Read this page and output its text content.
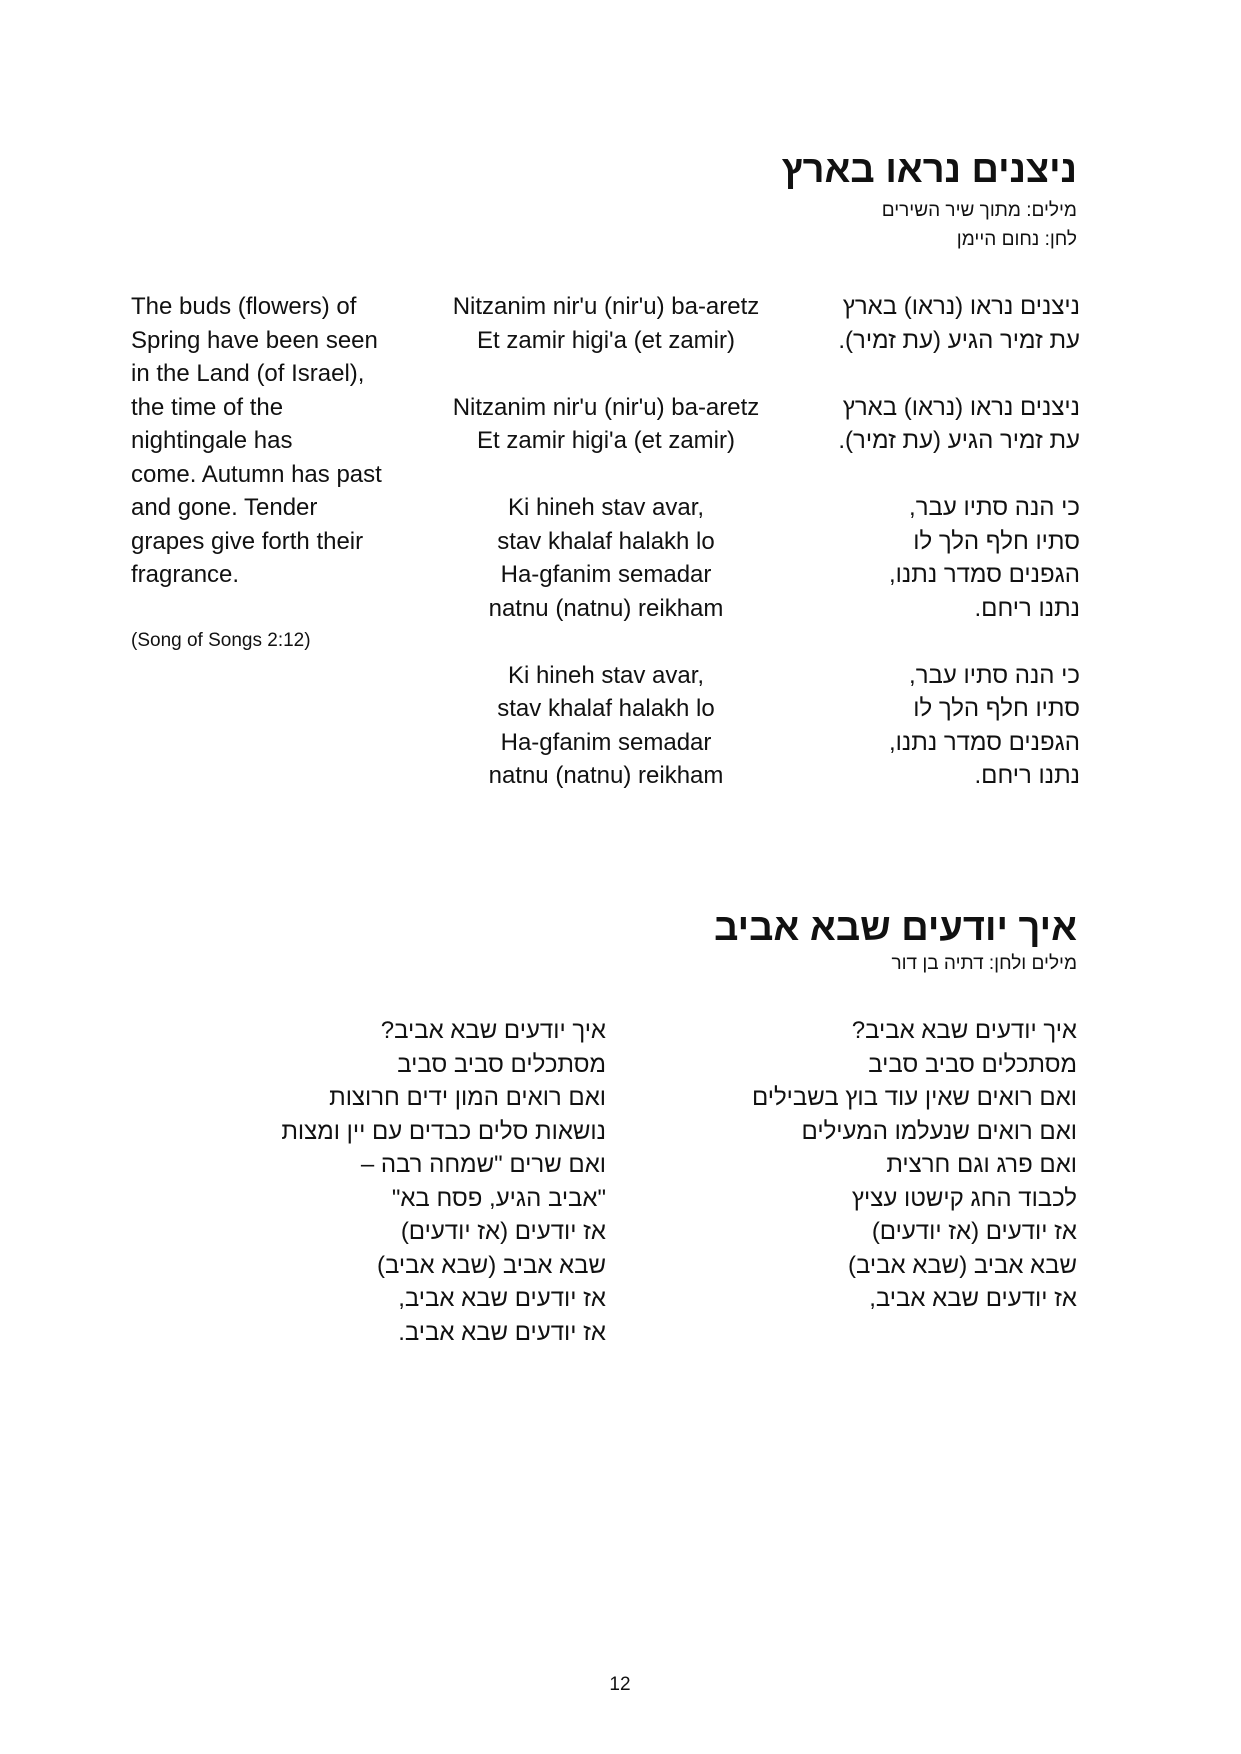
ניצנים נראו בארץ
מילים: מתוך שיר השירים
לחן: נחום היימן
ניצנים נראו (נראו) בארץ
עת זמיר הגיע (עת זמיר).
ניצנים נראו (נראו) בארץ
עת זמיר הגיע (עת זמיר).
כי הנה סתיו עבר,
סתיו חלף הלך לו
הגפנים סמדר נתנו,
נתנו ריחם.
כי הנה סתיו עבר,
סתיו חלף הלך לו
הגפנים סמדר נתנו,
נתנו ריחם.
Nitzanim nir'u (nir'u) ba-aretz
Et zamir higi'a (et zamir)
Nitzanim nir'u (nir'u) ba-aretz
Et zamir higi'a (et zamir)
Ki hineh stav avar,
stav khalaf halakh lo
Ha-gfanim semadar
natnu (natnu) reikham
Ki hineh stav avar,
stav khalaf halakh lo
Ha-gfanim semadar
natnu (natnu) reikham
The buds (flowers) of
Spring have been seen
in the Land (of Israel),
the time of the
nightingale has
come. Autumn has past
and gone. Tender
grapes give forth their
fragrance.
(Song of Songs 2:12)
איך יודעים שבא אביב
מילים ולחן: דתיה בן דור
איך יודעים שבא אביב?
מסתכלים סביב סביב
ואם רואים שאין עוד בוץ בשבילים
ואם רואים שנעלמו המעילים
ואם פרג וגם חרצית
לכבוד החג קישטו עציץ
אז יודעים (אז יודעים)
שבא אביב (שבא אביב)
אז יודעים שבא אביב,
איך יודעים שבא אביב?
מסתכלים סביב סביב
ואם רואים המון ידים חרוצות
נושאות סלים כבדים עם יין ומצות
ואם שרים "שמחה רבה –
"אביב הגיע, פסח בא"
אז יודעים (אז יודעים)
שבא אביב (שבא אביב)
אז יודעים שבא אביב,
אז יודעים שבא אביב.
12
